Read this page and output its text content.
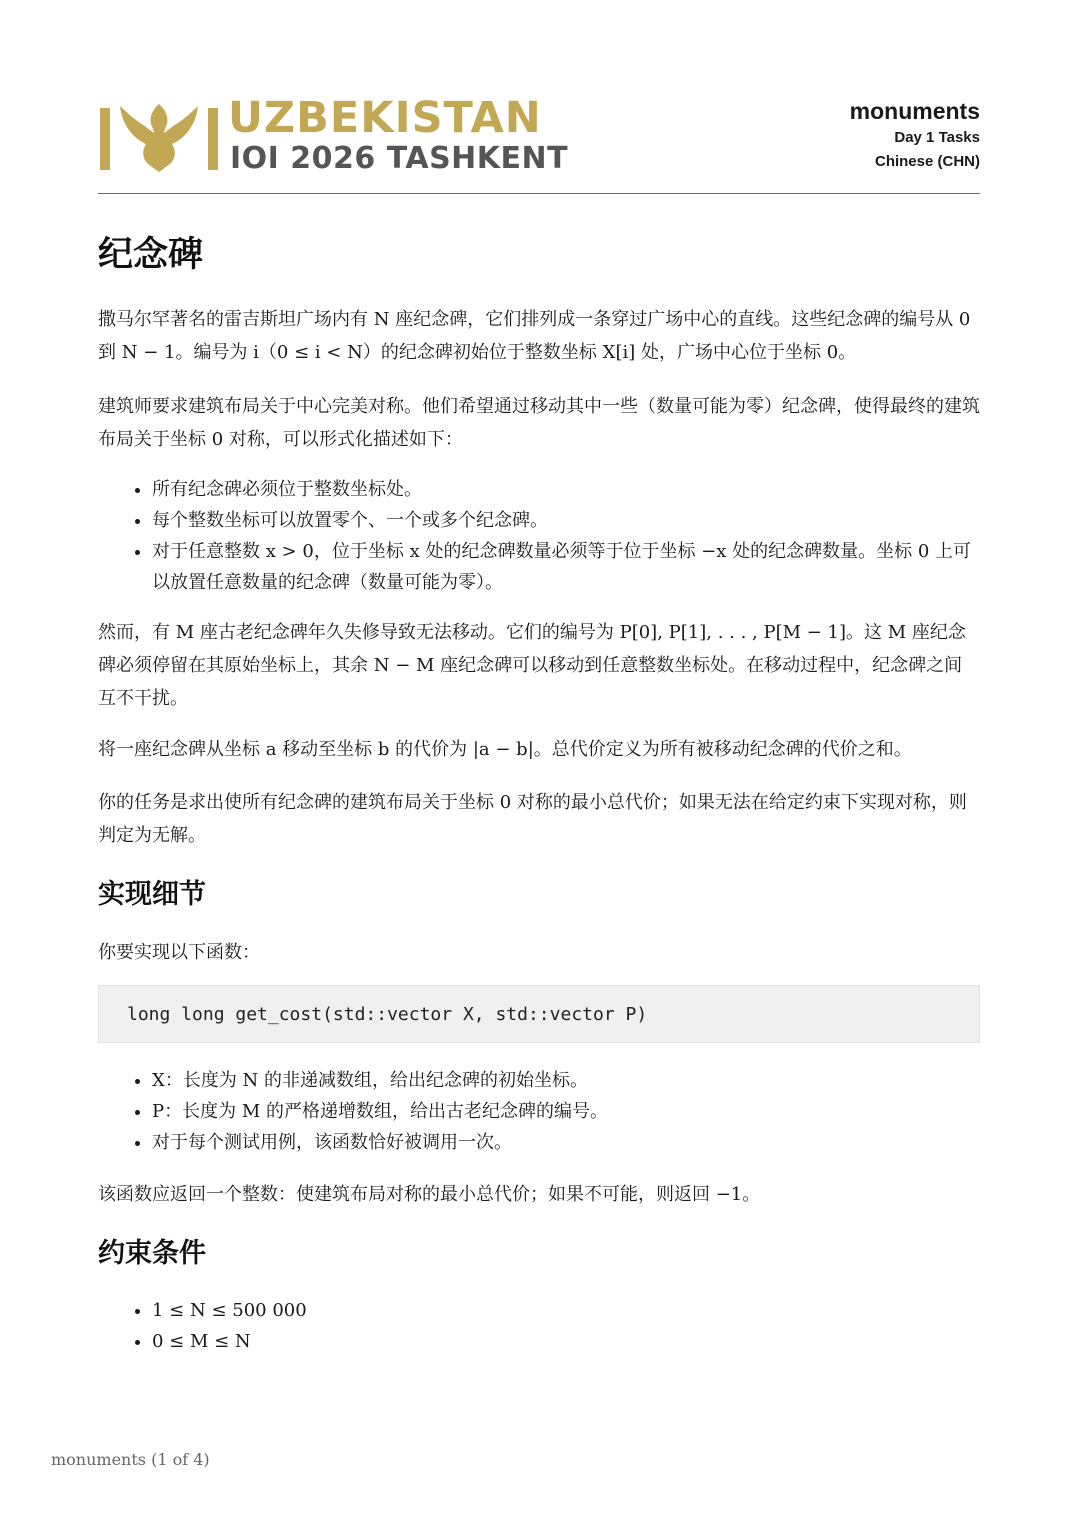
UZBEKISTAN
IOI 2026 TASHKENT
monuments
Day 1 Tasks
Chinese (CHN)
纪念碑

撒马尔罕著名的雷吉斯坦广场内有 N 座纪念碑，它们排列成一条穿过广场中心的直线。这些纪念碑的编号从 0 到 N − 1。编号为 i（0 ≤ i < N）的纪念碑初始位于整数坐标 X[i] 处，广场中心位于坐标 0。

建筑师要求建筑布局关于中心完美对称。他们希望通过移动其中一些（数量可能为零）纪念碑，使得最终的建筑布局关于坐标 0 对称，可以形式化描述如下：

• 所有纪念碑必须位于整数坐标处。
• 每个整数坐标可以放置零个、一个或多个纪念碑。
• 对于任意整数 x > 0，位于坐标 x 处的纪念碑数量必须等于位于坐标 −x 处的纪念碑数量。坐标 0 上可以放置任意数量的纪念碑（数量可能为零）。

然而，有 M 座古老纪念碑年久失修导致无法移动。它们的编号为 P[0], P[1], . . . , P[M − 1]。这 M 座纪念碑必须停留在其原始坐标上，其余 N − M 座纪念碑可以移动到任意整数坐标处。在移动过程中，纪念碑之间互不干扰。

将一座纪念碑从坐标 a 移动至坐标 b 的代价为 |a − b|。总代价定义为所有被移动纪念碑的代价之和。

你的任务是求出使所有纪念碑的建筑布局关于坐标 0 对称的最小总代价；如果无法在给定约束下实现对称，则判定为无解。

实现细节

你要实现以下函数：

long long get_cost(std::vector X, std::vector P)
• X：长度为 N 的非递减数组，给出纪念碑的初始坐标。
• P：长度为 M 的严格递增数组，给出古老纪念碑的编号。
• 对于每个测试用例，该函数恰好被调用一次。

该函数应返回一个整数：使建筑布局对称的最小总代价；如果不可能，则返回 −1。

约束条件
• 1 ≤ N ≤ 500 000
• 0 ≤ M ≤ N
monuments (1 of 4)
